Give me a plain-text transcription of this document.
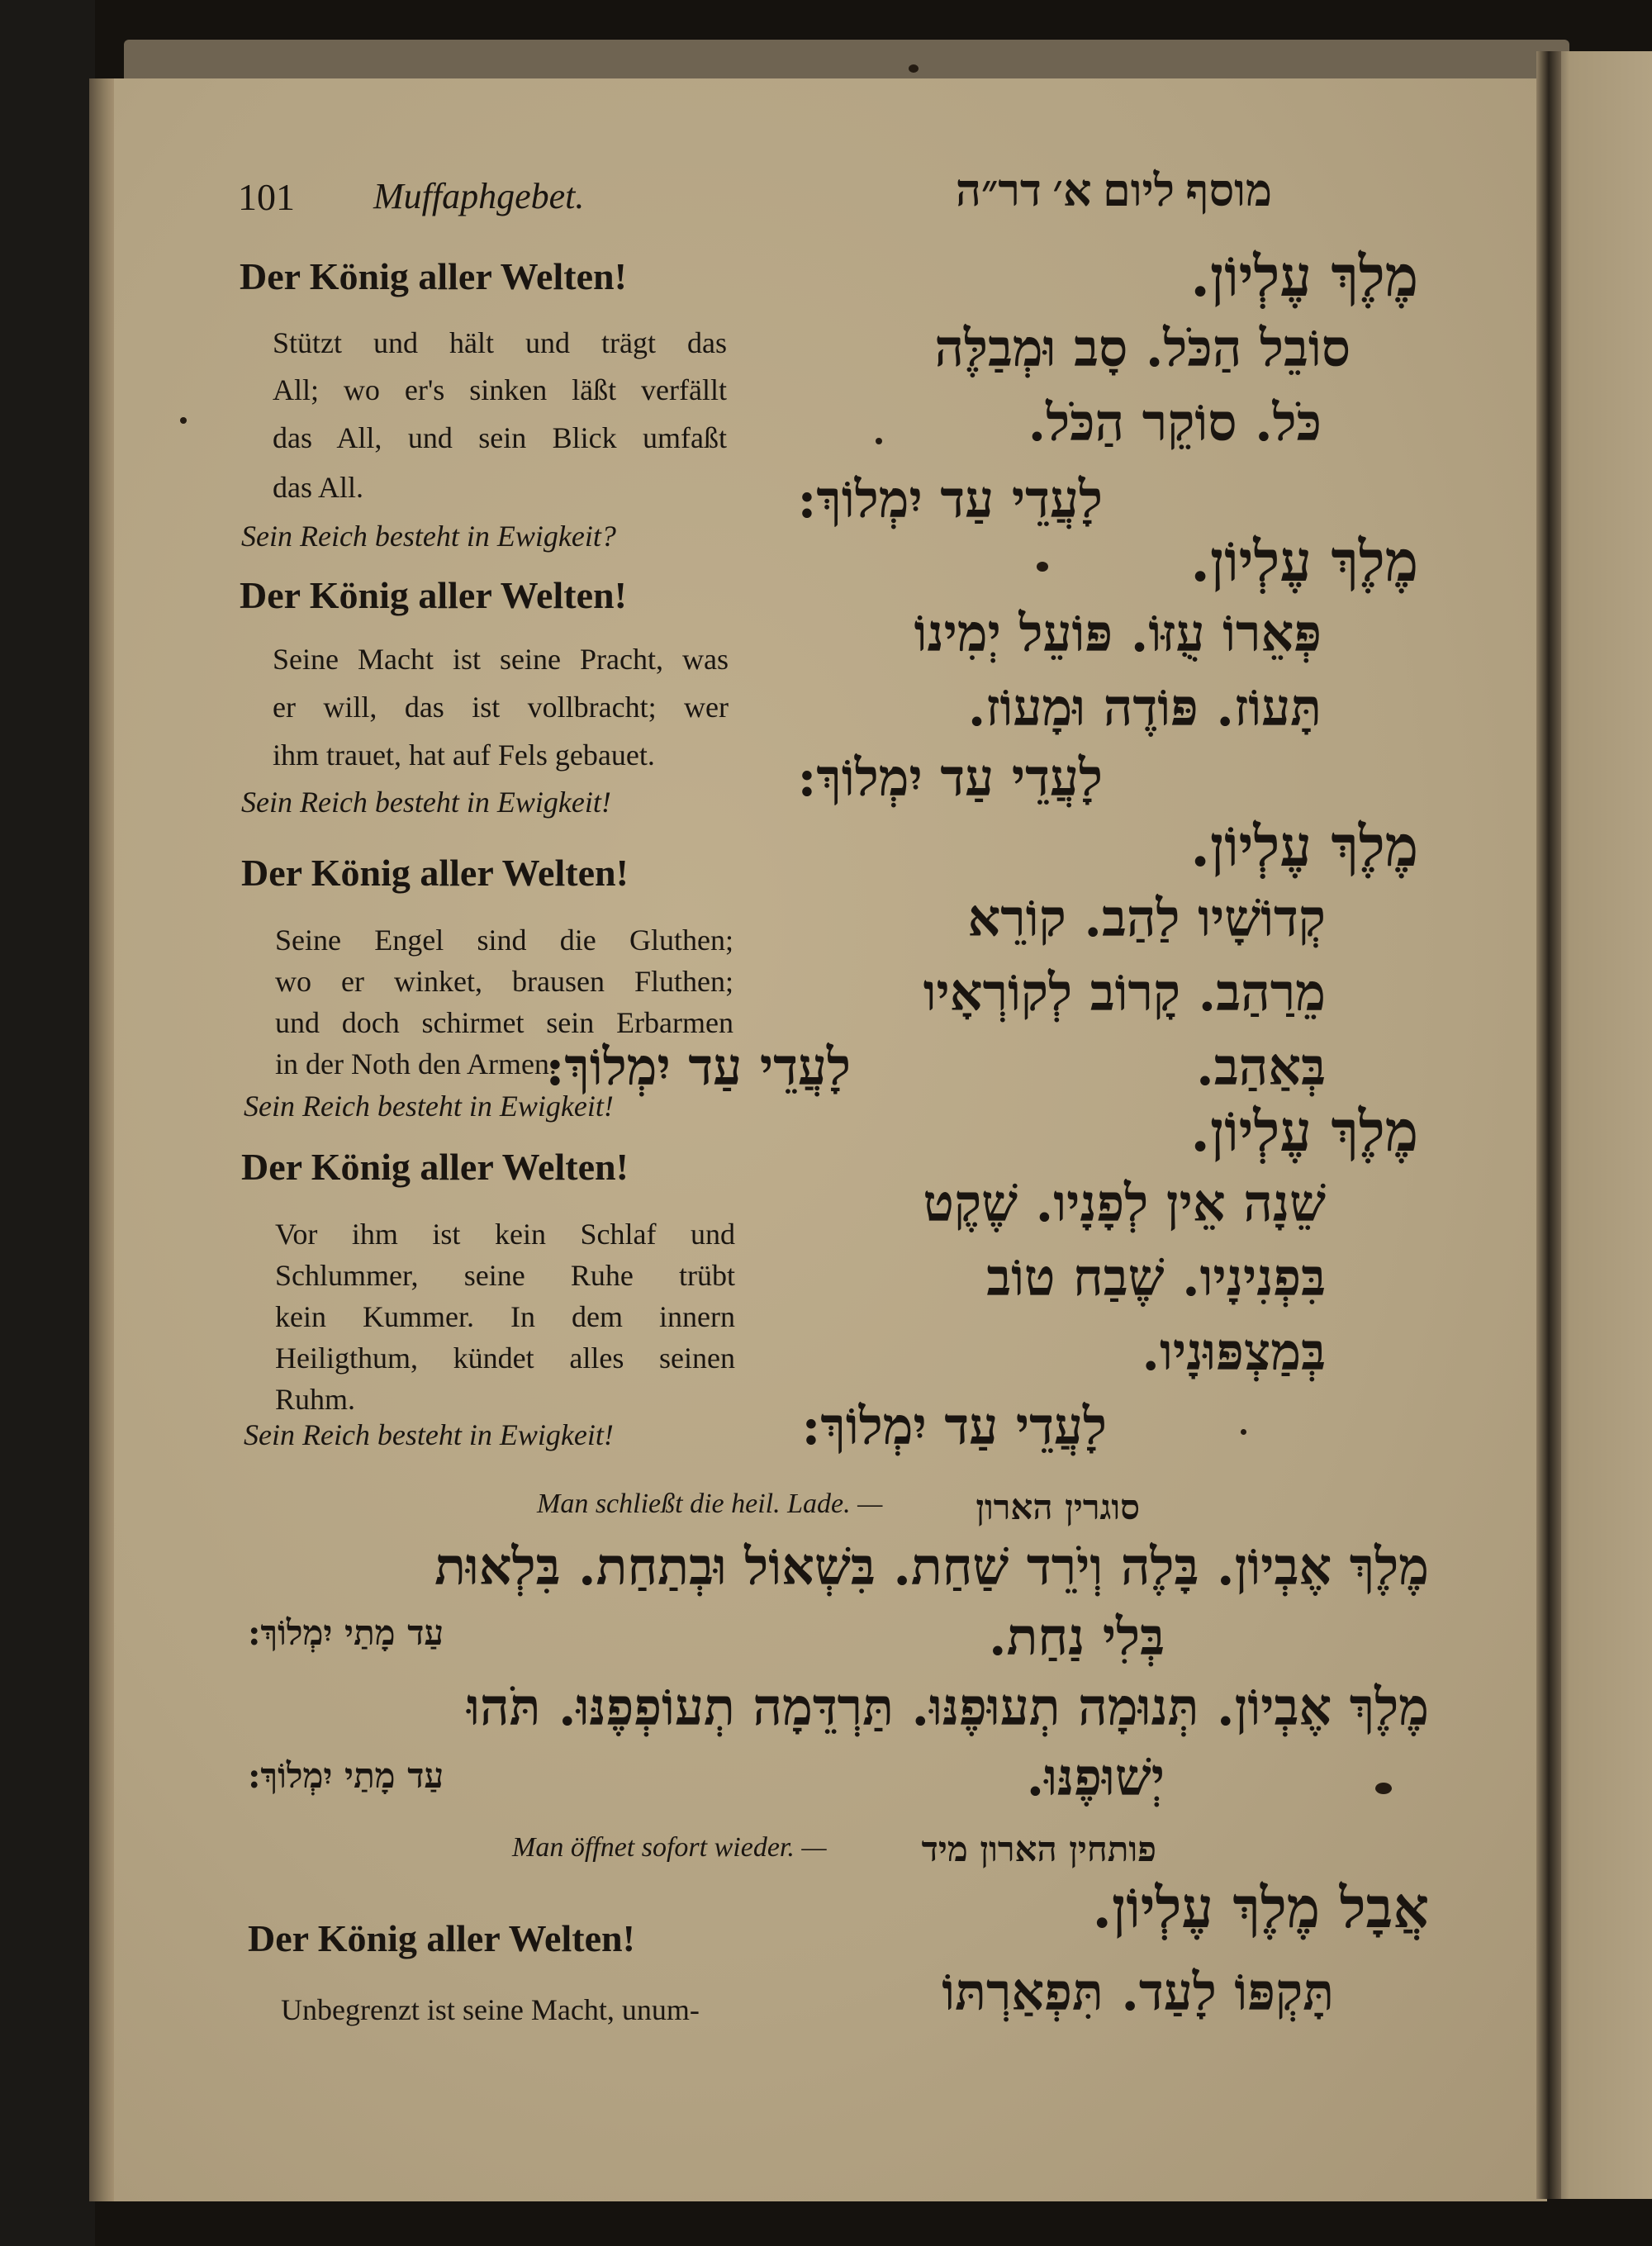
101 Muffaphgebet.	מוסף ליום א׳ דר״ה
Der König aller Welten!
Stützt und hält und trägt das
All; wo er's sinken läßt verfällt
das All, und sein Blick umfaßt
das All.
Sein Reich besteht in Ewigkeit?
Der König aller Welten!
Seine Macht ist seine Pracht, was
er will, das ist vollbracht; wer
ihm trauet, hat auf Fels gebauet.
Sein Reich besteht in Ewigkeit!
Der König aller Welten!
Seine Engel sind die Gluthen;
wo er winket, brausen Fluthen;
und doch schirmet sein Erbarmen
in der Noth den Armen.
Sein Reich besteht in Ewigkeit!
Der König aller Welten!
Vor ihm ist kein Schlaf und
Schlummer, seine Ruhe trübt
kein Kummer. In dem innern
Heiligthum, kündet alles seinen
Ruhm.
Sein Reich besteht in Ewigkeit!
מֶלֶךְ עֶלְיוֹן.
סוֹבֵל הַכֹּל. סָב וּמְבַלֶּה
כֹּל. סוֹקֵר הַכֹּל.
לָעֲדֵי עַד יִמְלוֹךְ:
מֶלֶךְ עֶלְיוֹן.
פְּאֵרוֹ עֻזּוֹ. פּוֹעֵל יְמִינוֹ
תָּעוֹז. פּוֹדֶה וּמָעוֹז.
לָעֲדֵי עַד יִמְלוֹךְ:
מֶלֶךְ עֶלְיוֹן.
קְדוֹשָׁיו לַהַב. קוֹרֵא
מֵרַהַב. קָרוֹב לְקוֹרְאָיו
בְּאַהַב.
לָעֲדֵי עַד יִמְלוֹךְ:
מֶלֶךְ עֶלְיוֹן.
שֵׁנָה אֵין לְפָנָיו. שֶׁקֶט
בִּפְנִינָיו. שֶׁבַח טוֹב
בְּמַצְפּוּנָיו.
לָעֲדֵי עַד יִמְלוֹךְ:
Man schließt die heil. Lade. —	סוגרין הארון
מֶלֶךְ אֶבְיוֹן. בָּלֶה וְיֹרֵד שַׁחַת. בִּשְׁאוֹל וּבְתַחַת. בִּלְאוּת
בְּלִי נַחַת.
עַד מָתַי יִמְלוֹךְ:
מֶלֶךְ אֶבְיוֹן. תְּנוּמָה תְעוּפֶנּוּ. תַּרְדֵּמָה תְעוֹפְפֶנּוּ. תֹּהוּ
יְשׁוּפֶנּוּ.
עַד מָתַי יִמְלוֹךְ:
Man öffnet sofort wieder. —	פותחין הארון מיד
אֲבָל מֶלֶךְ עֶלְיוֹן.
Der König aller Welten!
תָּקְפּוֹ לָעַד. תִּפְאַרְתּוֹ
Unbegrenzt ist seine Macht, unum-
